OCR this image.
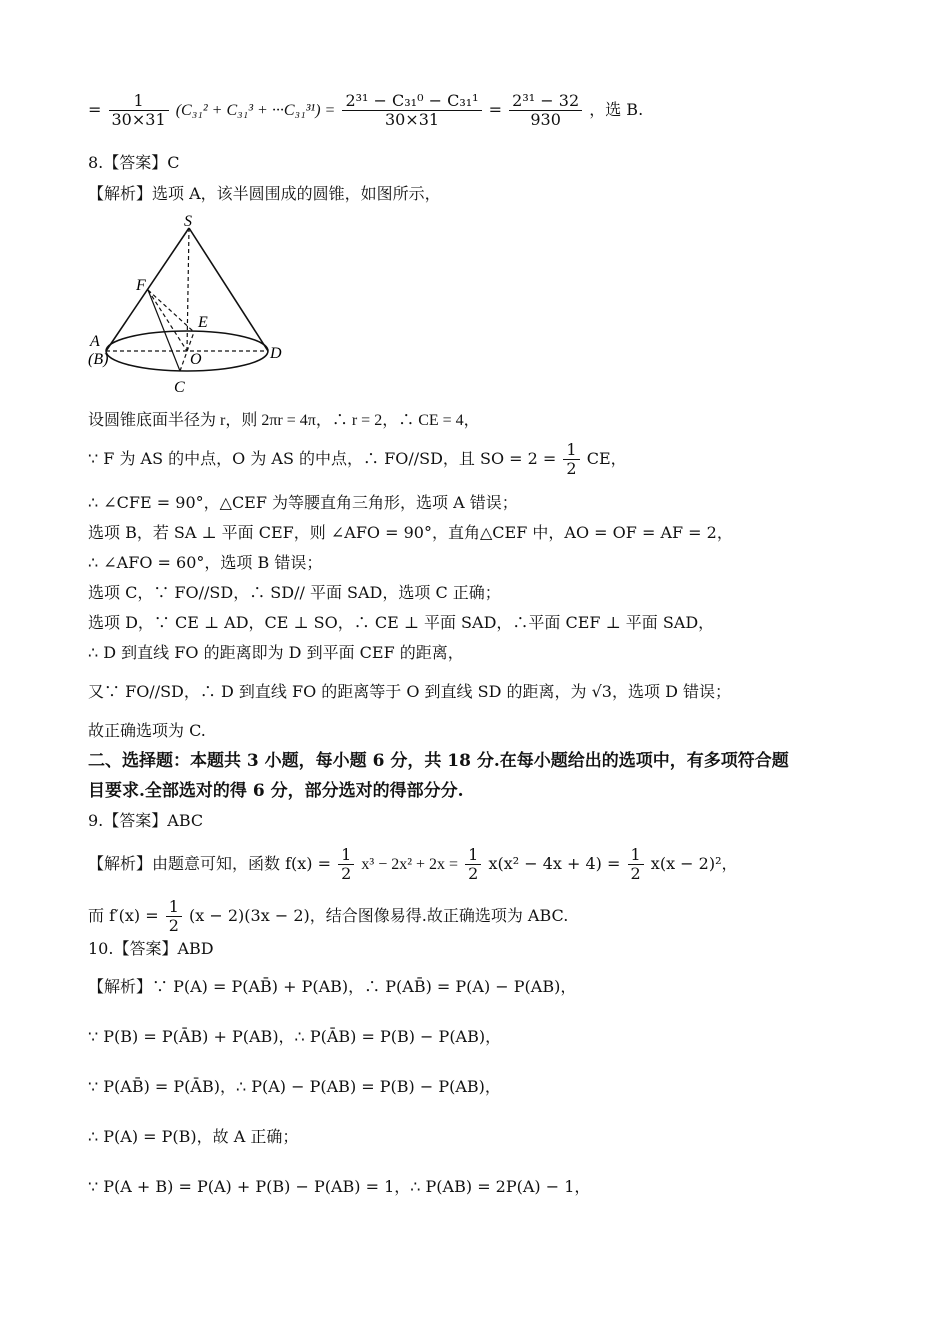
= $\frac{1}{30\times 31} (C_{31}^2 + C_{31}^3 + \cdot\cdot\cdot C_{31}^{31}) = \frac{\text{2³¹ − C₃₁⁰ − C₃₁¹}}{30\times 31} = \frac{\text{2³¹ − 32}}{930}$ ，选 B.
8.【答案】C
【解析】选项 A，该半圆围成的圆锥，如图所示，
S
F
E
A
(B)	O	D
C
设圆锥底面半径为 r，则 2πr = 4π，∴ r = 2，∴ CE = 4，
∵ F 为 AS 的中点，O 为 AS 的中点，∴ FO//SD，且 SO = $2 = \frac{1}{2}$ CE，
∴ ∠CFE = 90°，△CEF 为等腰直角三角形，选项 A 错误；
选项 B，若 SA ⊥ 平面 CEF，则 ∠AFO = 90°，直角△CEF 中，AO = OF = AF = 2，
∴ ∠AFO = 60°，选项 B 错误；
选项 C，∵ FO//SD，∴ SD// 平面 SAD，选项 C 正确；
选项 D，∵ CE ⊥ AD，CE ⊥ SO，∴ CE ⊥ 平面 SAD，∴平面 CEF ⊥ 平面 SAD，
∴ D 到直线 FO 的距离即为 D 到平面 CEF 的距离，
又∵ FO//SD，∴ D 到直线 FO 的距离等于 O 到直线 SD 的距离，为 √3，选项 D 错误；
故正确选项为 C.
二、选择题：本题共 3 小题，每小题 6 分，共 18 分.在每小题给出的选项中，有多项符合题
目要求.全部选对的得 6 分，部分选对的得部分分.
9.【答案】ABC
【解析】由题意可知，函数 $f(x) = \frac{1}{2} x^3 - 2x^2 + 2x = \frac{1}{2} x(x^2 - 4x + 4) = \frac{1}{2} x(x - 2)^2$，
而 $f'(x) = \frac{1}{2} (x - 2)(3x - 2)$，结合图像易得.故正确选项为 ABC.
10.【答案】ABD
【解析】∵ P(A) = P(AB̄) + P(AB)，∴ P(AB̄) = P(A) − P(AB)，
∵ P(B) = P(ĀB) + P(AB)，∴ P(ĀB) = P(B) − P(AB)，
∵ P(AB̄) = P(ĀB)，∴ P(A) − P(AB) = P(B) − P(AB)，
∴ P(A) = P(B)，故 A 正确；
∵ P(A + B) = P(A) + P(B) − P(AB) = 1，∴ P(AB) = 2P(A) − 1，
